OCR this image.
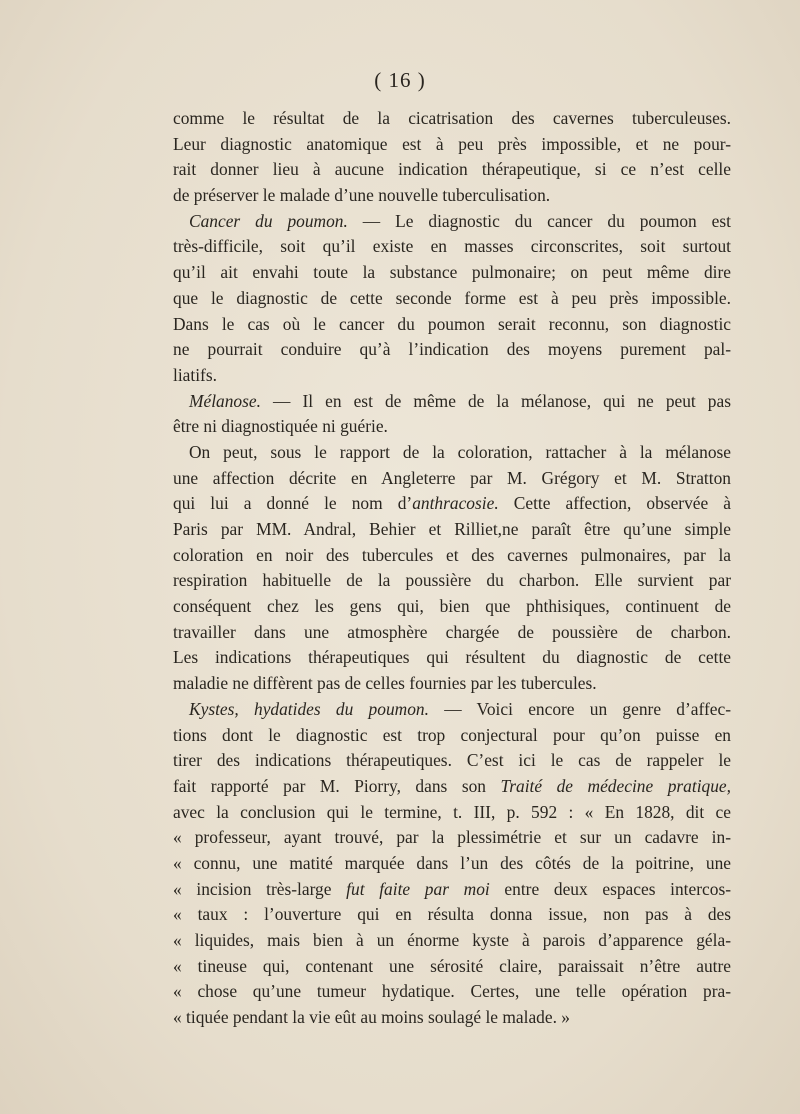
( 16 )
comme le résultat de la cicatrisation des cavernes tuberculeuses.
Leur diagnostic anatomique est à peu près impossible, et ne pour-
rait donner lieu à aucune indication thérapeutique, si ce n’est celle
de préserver le malade d’une nouvelle tuberculisation.
Cancer du poumon. — Le diagnostic du cancer du poumon est
très-difficile, soit qu’il existe en masses circonscrites, soit surtout
qu’il ait envahi toute la substance pulmonaire; on peut même dire
que le diagnostic de cette seconde forme est à peu près impossible.
Dans le cas où le cancer du poumon serait reconnu, son diagnostic
ne pourrait conduire qu’à l’indication des moyens purement pal-
liatifs.
Mélanose. — Il en est de même de la mélanose, qui ne peut pas
être ni diagnostiquée ni guérie.
On peut, sous le rapport de la coloration, rattacher à la mélanose
une affection décrite en Angleterre par M. Grégory et M. Stratton
qui lui a donné le nom d’anthracosie. Cette affection, observée à
Paris par MM. Andral, Behier et Rilliet,ne paraît être qu’une simple
coloration en noir des tubercules et des cavernes pulmonaires, par la
respiration habituelle de la poussière du charbon. Elle survient par
conséquent chez les gens qui, bien que phthisiques, continuent de
travailler dans une atmosphère chargée de poussière de charbon.
Les indications thérapeutiques qui résultent du diagnostic de cette
maladie ne diffèrent pas de celles fournies par les tubercules.
Kystes, hydatides du poumon. — Voici encore un genre d’affec-
tions dont le diagnostic est trop conjectural pour qu’on puisse en
tirer des indications thérapeutiques. C’est ici le cas de rappeler le
fait rapporté par M. Piorry, dans son Traité de médecine pratique,
avec la conclusion qui le termine, t. III, p. 592 : « En 1828, dit ce
« professeur, ayant trouvé, par la plessimétrie et sur un cadavre in-
« connu, une matité marquée dans l’un des côtés de la poitrine, une
« incision très-large fut faite par moi entre deux espaces intercos-
« taux : l’ouverture qui en résulta donna issue, non pas à des
« liquides, mais bien à un énorme kyste à parois d’apparence géla-
« tineuse qui, contenant une sérosité claire, paraissait n’être autre
« chose qu’une tumeur hydatique. Certes, une telle opération pra-
« tiquée pendant la vie eût au moins soulagé le malade. »
